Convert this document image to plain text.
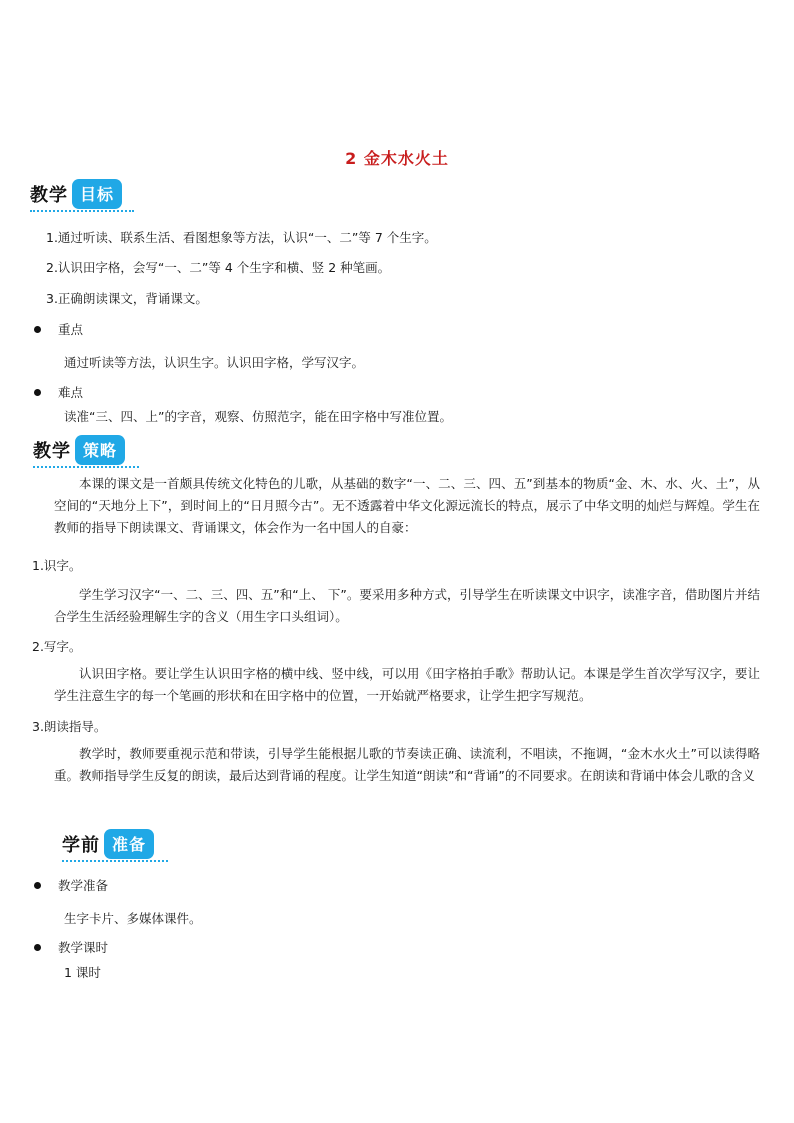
2 金木水火土
教学 目标
1.通过听读、联系生活、看图想象等方法，认识“一、二”等 7 个生字。
2.认识田字格，会写“一、二”等 4 个生字和横、竖 2 种笔画。
3.正确朗读课文，背诵课文。
重点
通过听读等方法，认识生字。认识田字格，学写汉字。
难点
读准“三、四、上”的字音，观察、仿照范字，能在田字格中写准位置。
教学 策略
本课的课文是一首颇具传统文化特色的儿歌，从基础的数字“一、二、三、四、五”到基本的物质“金、木、水、火、土”，从空间的“天地分上下”，到时间上的“日月照今古”。无不透露着中华文化源远流长的特点，展示了中华文明的灿烂与辉煌。学生在教师的指导下朗读课文、背诵课文，体会作为一名中国人的自豪：
1.识字。
学生学习汉字“一、二、三、四、五”和“上、 下”。要采用多种方式，引导学生在听读课文中识字，读准字音，借助图片并结合学生生活经验理解生字的含义（用生字口头组词）。
2.写字。
认识田字格。要让学生认识田字格的横中线、竖中线，可以用《田字格拍手歌》帮助认记。本课是学生首次学写汉字，要让学生注意生字的每一个笔画的形状和在田字格中的位置，一开始就严格要求，让学生把字写规范。
3.朗读指导。
教学时，教师要重视示范和带读，引导学生能根据儿歌的节奏读正确、读流利，不唱读，不拖调，“金木水火土”可以读得略重。教师指导学生反复的朗读，最后达到背诵的程度。让学生知道“朗读”和“背诵”的不同要求。在朗读和背诵中体会儿歌的含义
学前 准备
教学准备
生字卡片、多媒体课件。
教学课时
1 课时
